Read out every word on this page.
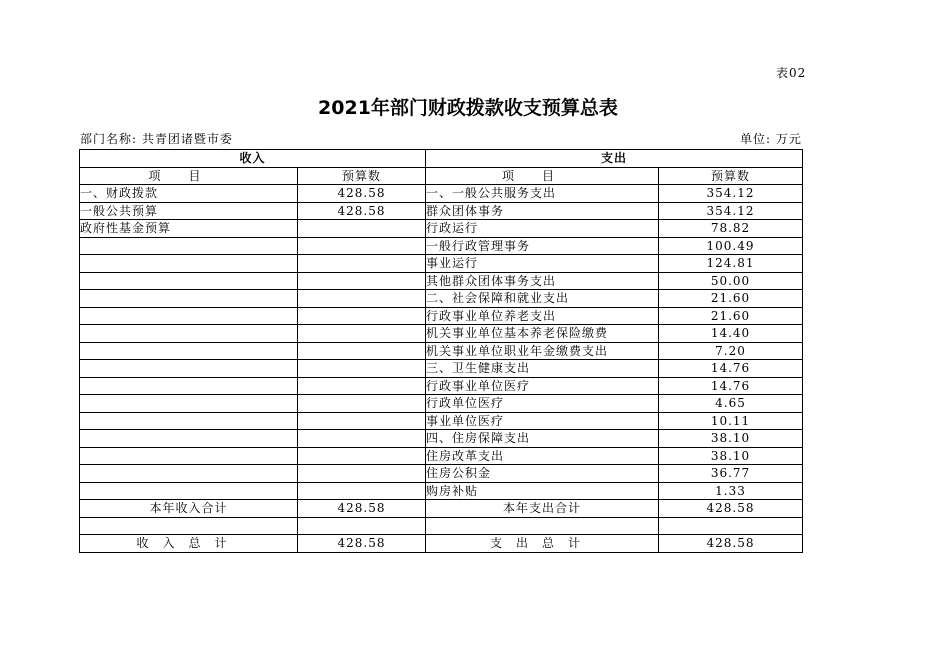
表02
2021年部门财政拨款收支预算总表
部门名称: 共青团诸暨市委	单位: 万元
收入		支出	
项目	预算数	项目	预算数
一、财政拨款	428.58	一、一般公共服务支出	354.12
一般公共预算	428.58	群众团体事务	354.12
政府性基金预算		行政运行	78.82
		一般行政管理事务	100.49
		事业运行	124.81
		其他群众团体事务支出	50.00
		二、社会保障和就业支出	21.60
		行政事业单位养老支出	21.60
		机关事业单位基本养老保险缴费	14.40
		机关事业单位职业年金缴费支出	7.20
		三、卫生健康支出	14.76
		行政事业单位医疗	14.76
		行政单位医疗	4.65
		事业单位医疗	10.11
		四、住房保障支出	38.10
		住房改革支出	38.10
		住房公积金	36.77
		购房补贴	1.33
本年收入合计	428.58	本年支出合计	428.58

收入总计	428.58	支出总计	428.58
